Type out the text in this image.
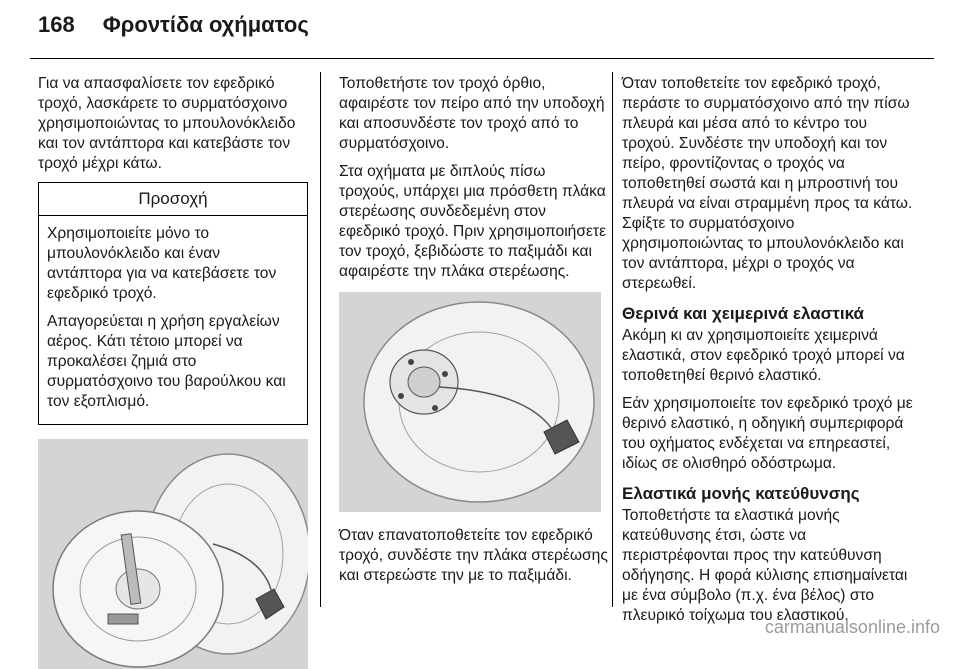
168 Φροντίδα οχήματος

Για να απασφαλίσετε τον εφεδρικό τροχό, λασκάρετε το συρματόσχοινο χρησιμοποιώντας το μπουλονόκλειδο και τον αντάπτορα και κατεβάστε τον τροχό μέχρι κάτω.

Προσοχή

Χρησιμοποιείτε μόνο το μπουλονόκλειδο και έναν αντάπτορα για να κατεβάσετε τον εφεδρικό τροχό.

Απαγορεύεται η χρήση εργαλείων αέρος. Κάτι τέτοιο μπορεί να προκαλέσει ζημιά στο συρματόσχοινο του βαρούλκου και τον εξοπλισμό.

Τοποθετήστε τον τροχό όρθιο, αφαιρέστε τον πείρο από την υποδοχή και αποσυνδέστε τον τροχό από το συρματόσχοινο.

Στα οχήματα με διπλούς πίσω τροχούς, υπάρχει μια πρόσθετη πλάκα στερέωσης συνδεδεμένη στον εφεδρικό τροχό. Πριν χρησιμοποιήσετε τον τροχό, ξεβιδώστε το παξιμάδι και αφαιρέστε την πλάκα στερέωσης.

Όταν επανατοποθετείτε τον εφεδρικό τροχό, συνδέστε την πλάκα στερέωσης και στερεώστε την με το παξιμάδι.

Όταν τοποθετείτε τον εφεδρικό τροχό, περάστε το συρματόσχοινο από την πίσω πλευρά και μέσα από το κέντρο του τροχού. Συνδέστε την υποδοχή και τον πείρο, φροντίζοντας ο τροχός να τοποθετηθεί σωστά και η μπροστινή του πλευρά να είναι στραμμένη προς τα κάτω. Σφίξτε το συρματόσχοινο χρησιμοποιώντας το μπουλονόκλειδο και τον αντάπτορα, μέχρι ο τροχός να στερεωθεί.

Θερινά και χειμερινά ελαστικά

Ακόμη κι αν χρησιμοποιείτε χειμερινά ελαστικά, στον εφεδρικό τροχό μπορεί να τοποθετηθεί θερινό ελαστικό.

Εάν χρησιμοποιείτε τον εφεδρικό τροχό με θερινό ελαστικό, η οδηγική συμπεριφορά του οχήματος ενδέχεται να επηρεαστεί, ιδίως σε ολισθηρό οδόστρωμα.

Ελαστικά μονής κατεύθυνσης

Τοποθετήστε τα ελαστικά μονής κατεύθυνσης έτσι, ώστε να περιστρέφονται προς την κατεύθυνση οδήγησης. Η φορά κύλισης επισημαίνεται με ένα σύμβολο (π.χ. ένα βέλος) στο πλευρικό τοίχωμα του ελαστικού.

carmanualsonline.info
